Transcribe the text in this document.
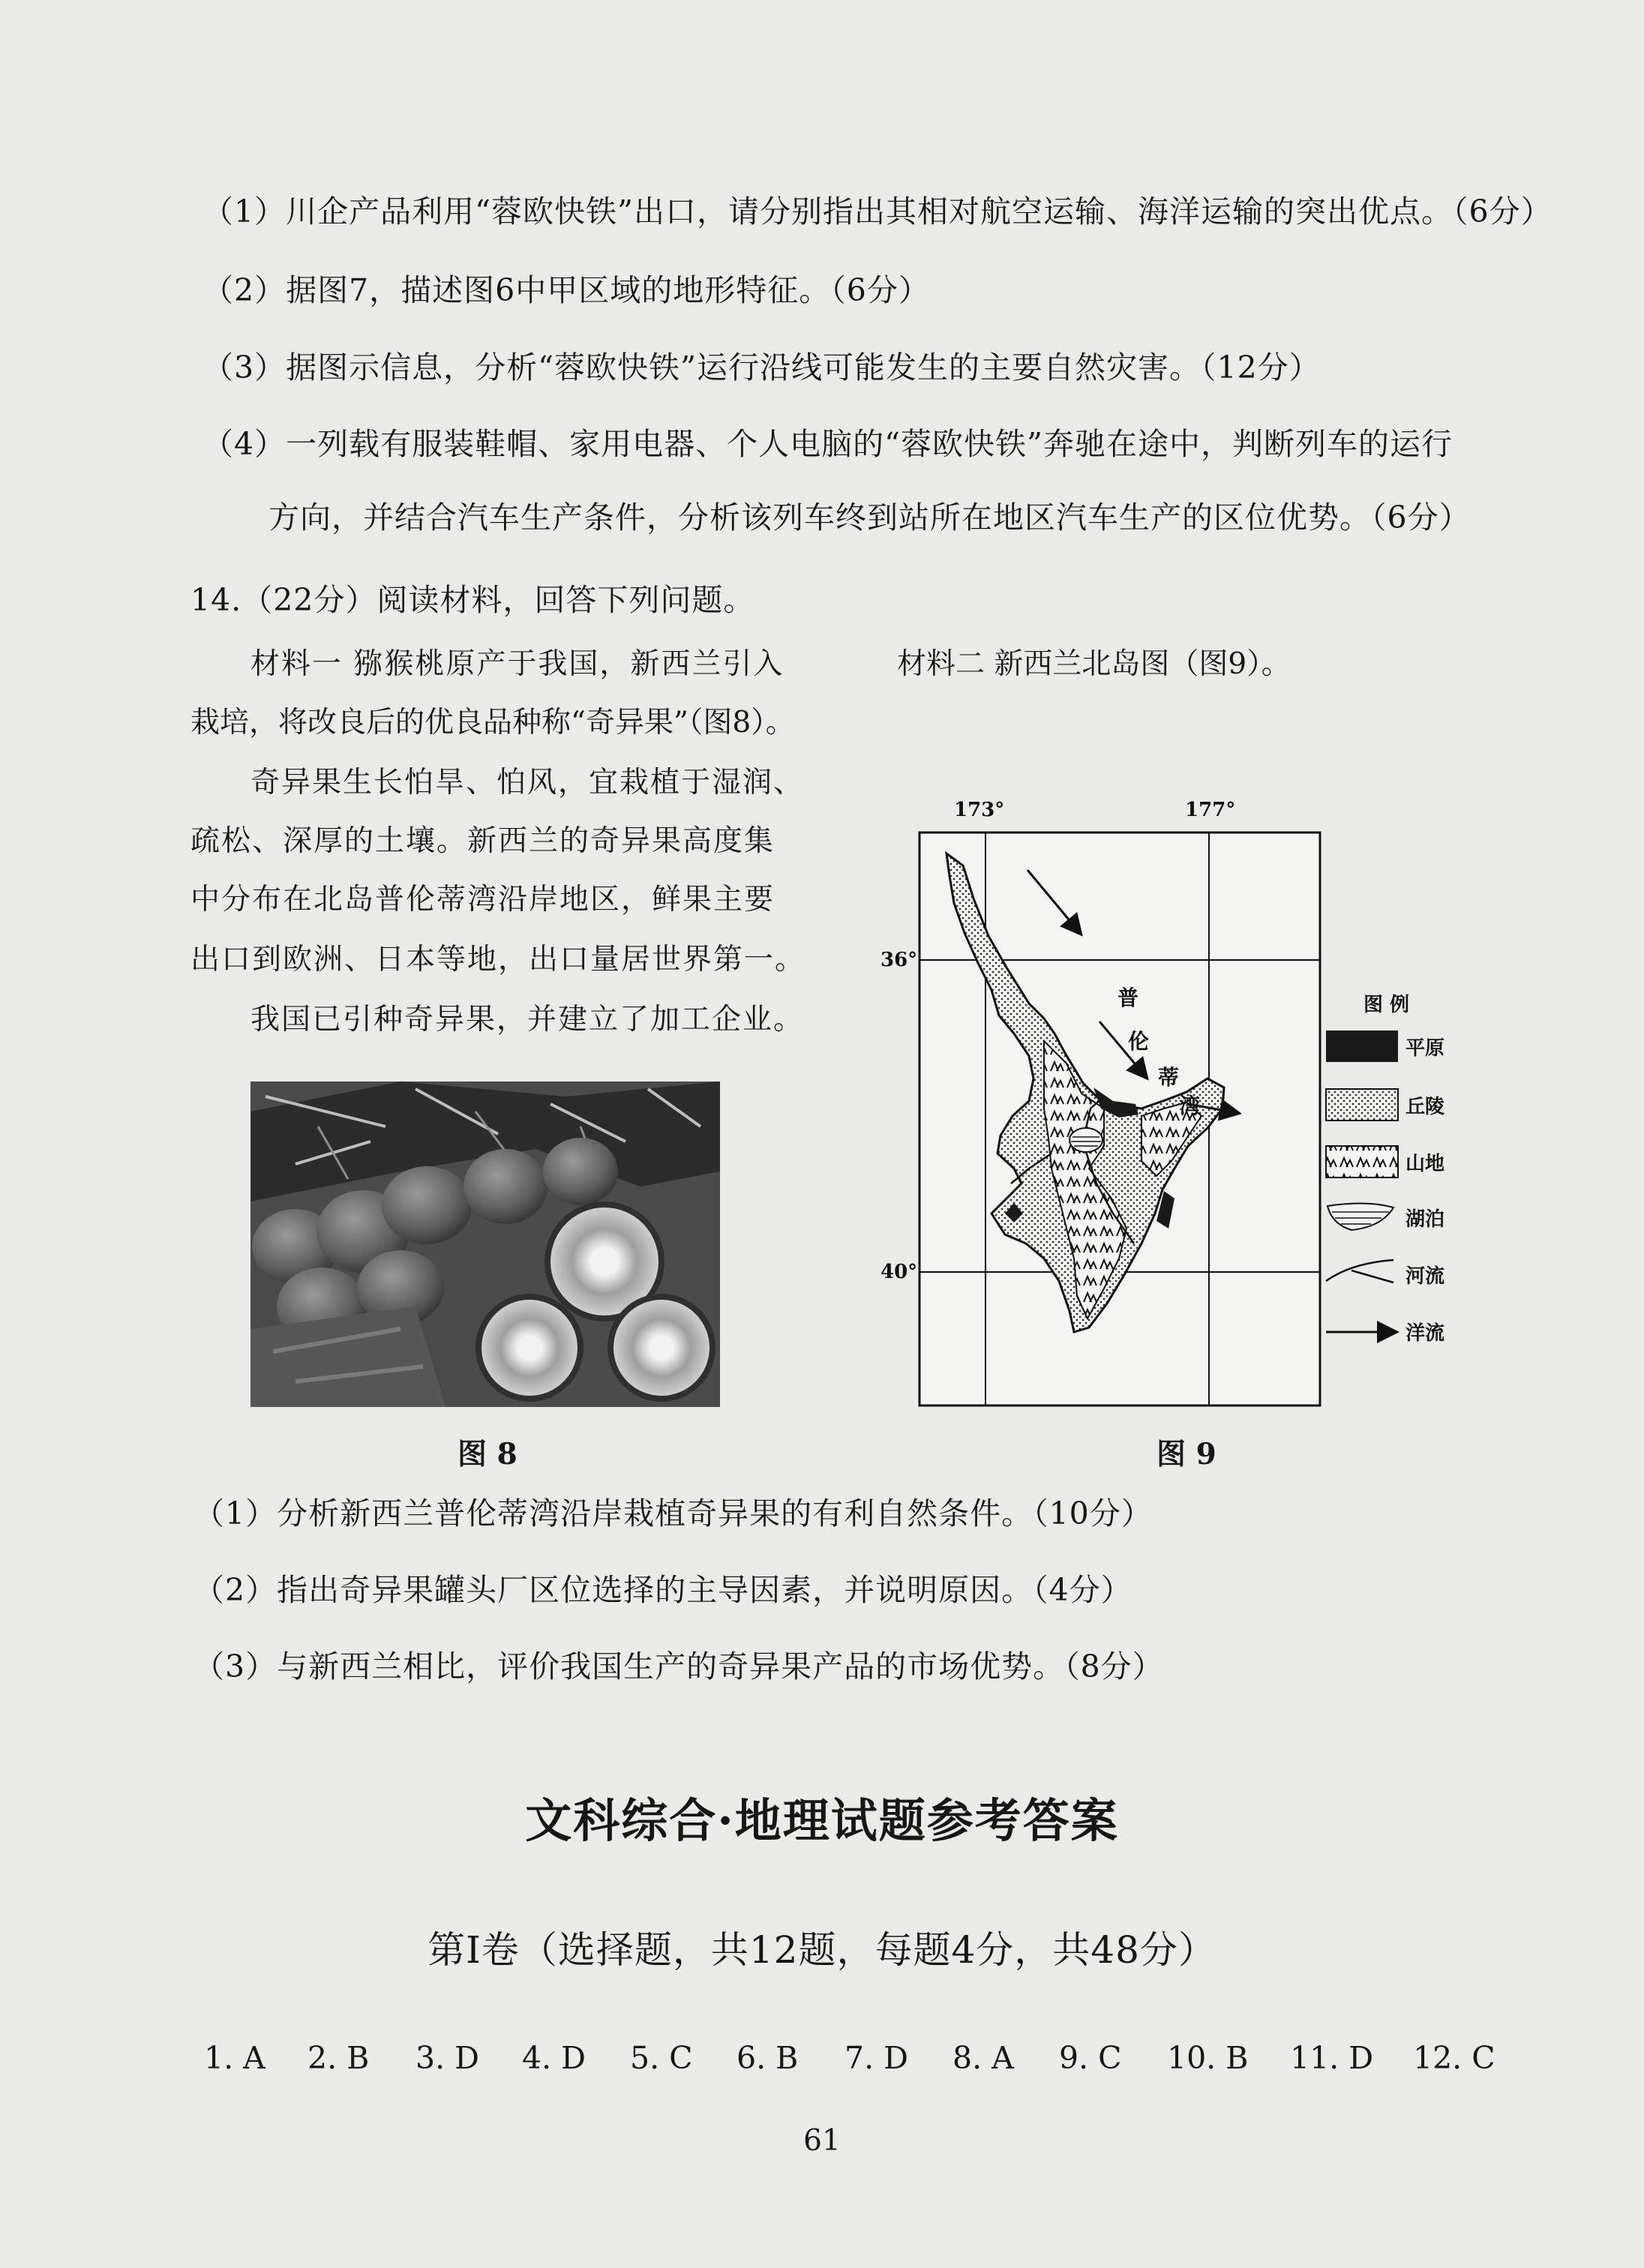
（1）川企产品利用“蓉欧快铁”出口，请分别指出其相对航空运输、海洋运输的突出优点。（6分）
（2）据图7，描述图6中甲区域的地形特征。（6分）
（3）据图示信息，分析“蓉欧快铁”运行沿线可能发生的主要自然灾害。（12分）
（4）一列载有服装鞋帽、家用电器、个人电脑的“蓉欧快铁”奔驰在途中，判断列车的运行
方向，并结合汽车生产条件，分析该列车终到站所在地区汽车生产的区位优势。（6分）
14.（22分）阅读材料，回答下列问题。
材料一 猕猴桃原产于我国，新西兰引入
栽培，将改良后的优良品种称“奇异果”（图8）。
奇异果生长怕旱、怕风，宜栽植于湿润、
疏松、深厚的土壤。新西兰的奇异果高度集
中分布在北岛普伦蒂湾沿岸地区，鲜果主要
出口到欧洲、日本等地，出口量居世界第一。
我国已引种奇异果，并建立了加工企业。
材料二 新西兰北岛图（图9）。
图 8
173°	177°
36°
40°
普
伦
蒂
湾
图 例
平原
丘陵
山地
湖泊
河流
洋流
图 9
（1）分析新西兰普伦蒂湾沿岸栽植奇异果的有利自然条件。（10分）
（2）指出奇异果罐头厂区位选择的主导因素，并说明原因。（4分）
（3）与新西兰相比，评价我国生产的奇异果产品的市场优势。（8分）
文科综合·地理试题参考答案
第Ⅰ卷（选择题，共12题，每题4分，共48分）
1. A	2. B	3. D	4. D	5. C	6. B	7. D	8. A	9. C	10. B	11. D	12. C
61
